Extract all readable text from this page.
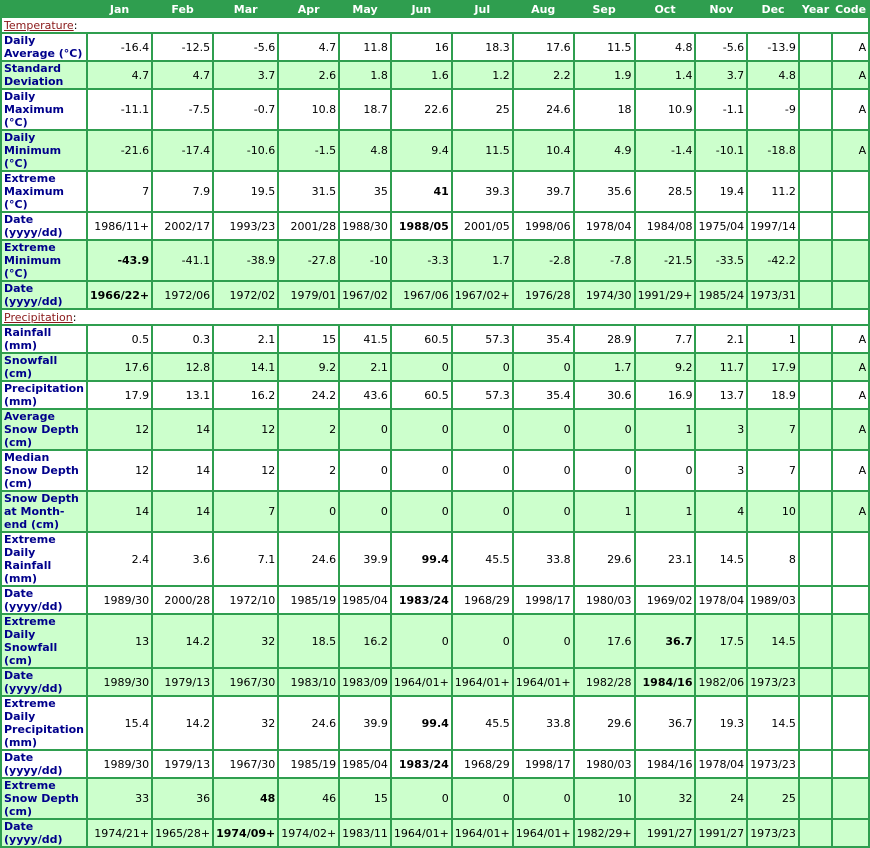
	Jan	Feb	Mar	Apr	May	Jun	Jul	Aug	Sep	Oct	Nov	Dec	Year	Code
Temperature:														
Daily Average (°C)	-16.4	-12.5	-5.6	4.7	11.8	16	18.3	17.6	11.5	4.8	-5.6	-13.9		A
Standard Deviation	4.7	4.7	3.7	2.6	1.8	1.6	1.2	2.2	1.9	1.4	3.7	4.8		A
Daily Maximum (°C)	-11.1	-7.5	-0.7	10.8	18.7	22.6	25	24.6	18	10.9	-1.1	-9		A
Daily Minimum (°C)	-21.6	-17.4	-10.6	-1.5	4.8	9.4	11.5	10.4	4.9	-1.4	-10.1	-18.8		A
Extreme Maximum (°C)	7	7.9	19.5	31.5	35	41	39.3	39.7	35.6	28.5	19.4	11.2		
Date (yyyy/dd)	1986/11+	2002/17	1993/23	2001/28	1988/30	1988/05	2001/05	1998/06	1978/04	1984/08	1975/04	1997/14		
Extreme Minimum (°C)	-43.9	-41.1	-38.9	-27.8	-10	-3.3	1.7	-2.8	-7.8	-21.5	-33.5	-42.2		
Date (yyyy/dd)	1966/22+	1972/06	1972/02	1979/01	1967/02	1967/06	1967/02+	1976/28	1974/30	1991/29+	1985/24	1973/31		
Precipitation:														
Rainfall (mm)	0.5	0.3	2.1	15	41.5	60.5	57.3	35.4	28.9	7.7	2.1	1		A
Snowfall (cm)	17.6	12.8	14.1	9.2	2.1	0	0	0	1.7	9.2	11.7	17.9		A
Precipitation (mm)	17.9	13.1	16.2	24.2	43.6	60.5	57.3	35.4	30.6	16.9	13.7	18.9		A
Average Snow Depth (cm)	12	14	12	2	0	0	0	0	0	1	3	7		A
Median Snow Depth (cm)	12	14	12	2	0	0	0	0	0	0	3	7		A
Snow Depth at Month-end (cm)	14	14	7	0	0	0	0	0	1	1	4	10		A
Extreme Daily Rainfall (mm)	2.4	3.6	7.1	24.6	39.9	99.4	45.5	33.8	29.6	23.1	14.5	8		
Date (yyyy/dd)	1989/30	2000/28	1972/10	1985/19	1985/04	1983/24	1968/29	1998/17	1980/03	1969/02	1978/04	1989/03		
Extreme Daily Snowfall (cm)	13	14.2	32	18.5	16.2	0	0	0	17.6	36.7	17.5	14.5		
Date (yyyy/dd)	1989/30	1979/13	1967/30	1983/10	1983/09	1964/01+	1964/01+	1964/01+	1982/28	1984/16	1982/06	1973/23		
Extreme Daily Precipitation (mm)	15.4	14.2	32	24.6	39.9	99.4	45.5	33.8	29.6	36.7	19.3	14.5		
Date (yyyy/dd)	1989/30	1979/13	1967/30	1985/19	1985/04	1983/24	1968/29	1998/17	1980/03	1984/16	1978/04	1973/23		
Extreme Snow Depth (cm)	33	36	48	46	15	0	0	0	10	32	24	25		
Date (yyyy/dd)	1974/21+	1965/28+	1974/09+	1974/02+	1983/11	1964/01+	1964/01+	1964/01+	1982/29+	1991/27	1991/27	1973/23		
